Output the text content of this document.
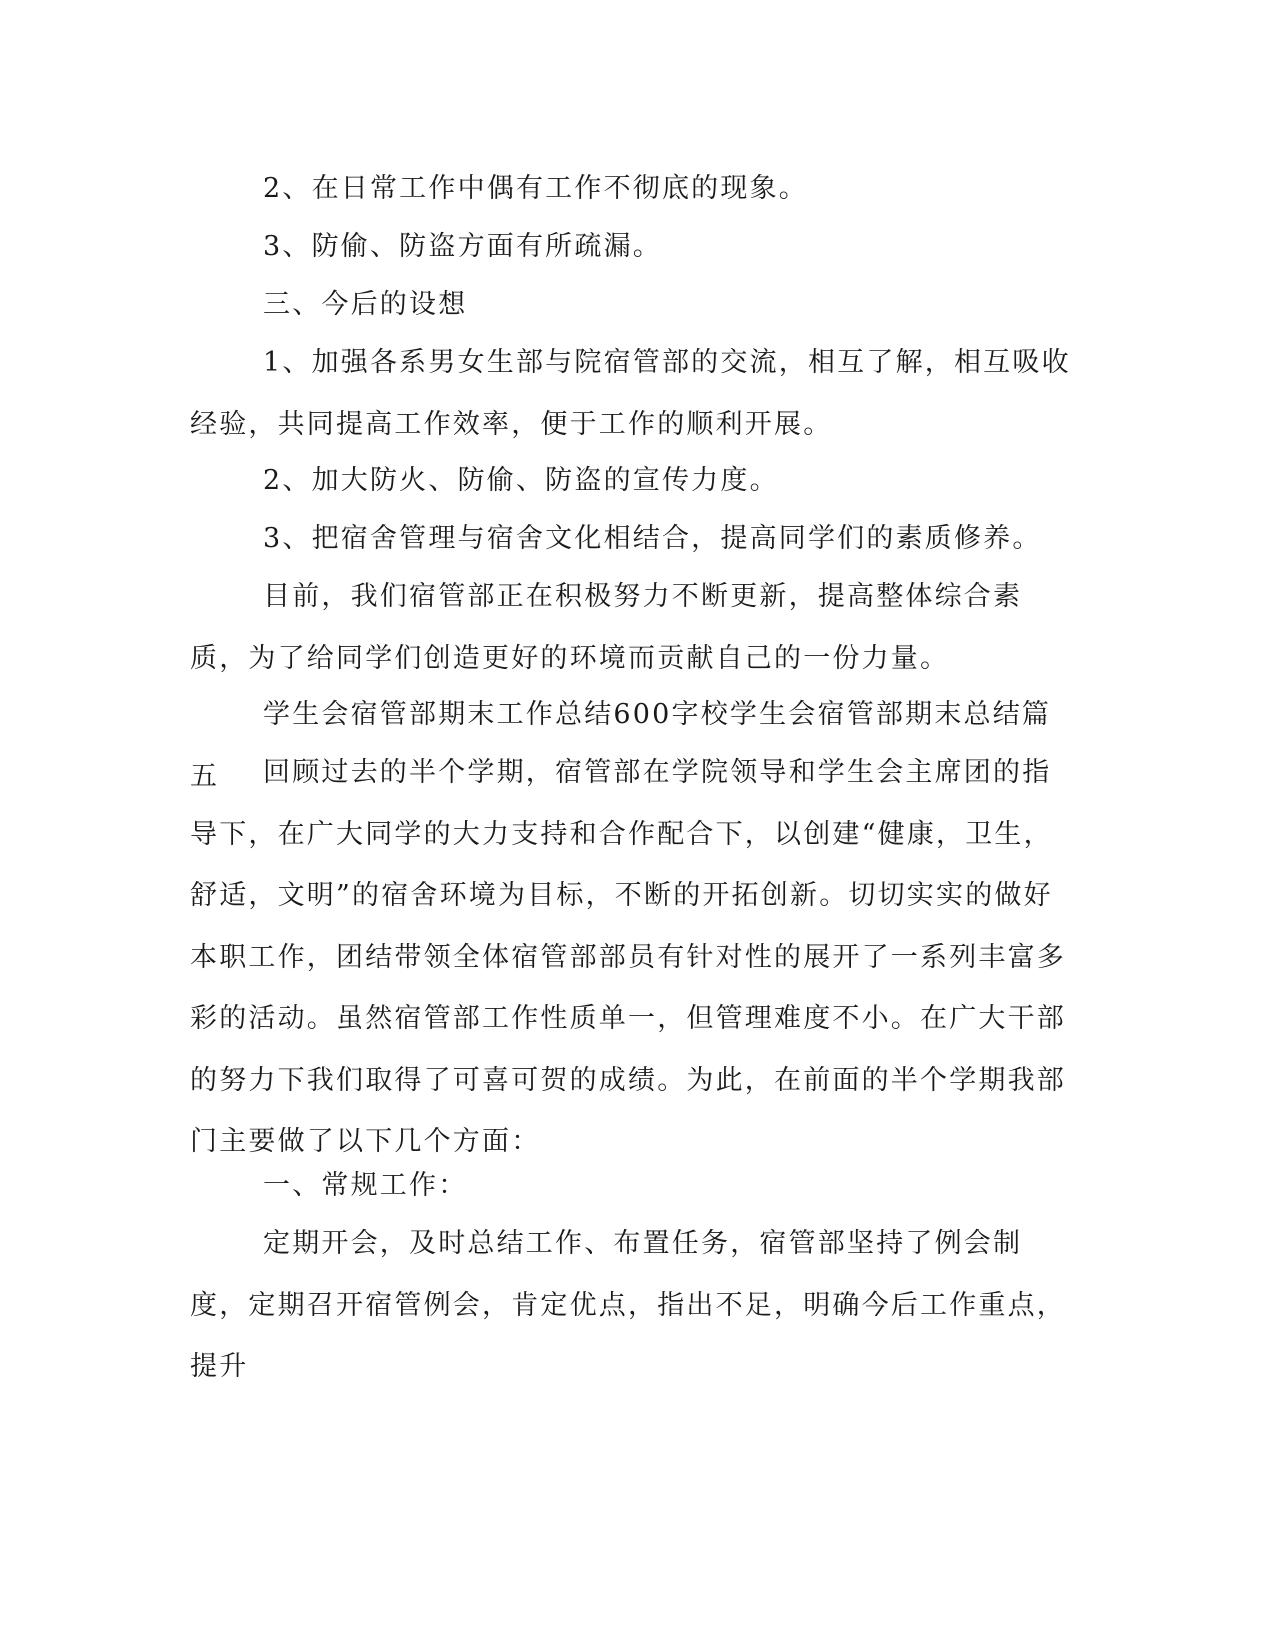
2、在日常工作中偶有工作不彻底的现象。

3、防偷、防盗方面有所疏漏。

三、今后的设想

1、加强各系男女生部与院宿管部的交流，相互了解，相互吸收经验，共同提高工作效率，便于工作的顺利开展。

2、加大防火、防偷、防盗的宣传力度。

3、把宿舍管理与宿舍文化相结合，提高同学们的素质修养。

目前，我们宿管部正在积极努力不断更新，提高整体综合素质，为了给同学们创造更好的环境而贡献自己的一份力量。

学生会宿管部期末工作总结600字校学生会宿管部期末总结篇五	回顾过去的半个学期，宿管部在学院领导和学生会主席团的指导下，在广大同学的大力支持和合作配合下，以创建“健康，卫生，舒适，文明”的宿舍环境为目标，不断的开拓创新。切切实实的做好本职工作，团结带领全体宿管部部员有针对性的展开了一系列丰富多彩的活动。虽然宿管部工作性质单一，但管理难度不小。在广大干部的努力下我们取得了可喜可贺的成绩。为此，在前面的半个学期我部门主要做了以下几个方面：

一、常规工作：

定期开会，及时总结工作、布置任务，宿管部坚持了例会制度，定期召开宿管例会，肯定优点，指出不足，明确今后工作重点，提升
